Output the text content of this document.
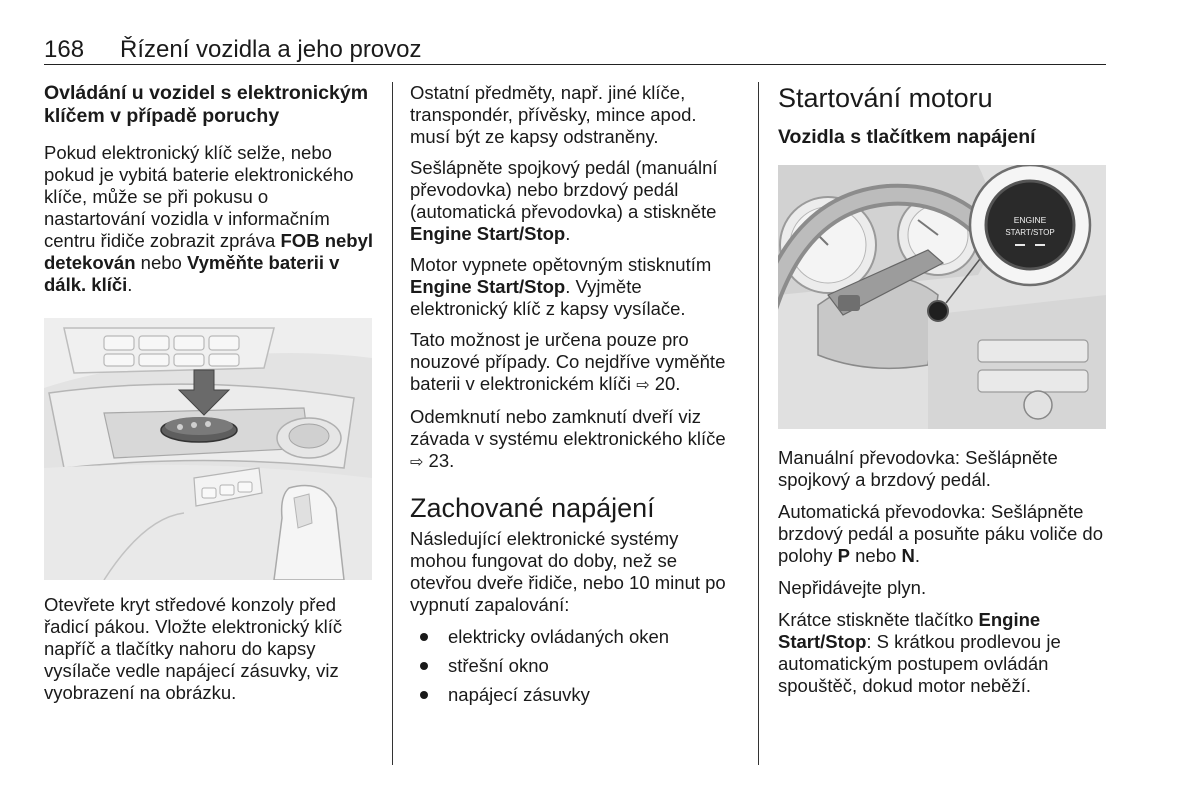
168 Řízení vozidla a jeho provoz
Ovládání u vozidel s elektronickým klíčem v případě poruchy

Pokud elektronický klíč selže, nebo pokud je vybitá baterie elektronického klíče, může se při pokusu o nastartování vozidla v informačním centru řidiče zobrazit zpráva FOB nebyl detekován nebo Vyměňte baterii v dálk. klíči.

Otevřete kryt středové konzoly před řadicí pákou. Vložte elektronický klíč napříč a tlačítky nahoru do kapsy vysílače vedle napájecí zásuvky, viz vyobrazení na obrázku.

Ostatní předměty, např. jiné klíče, transpondér, přívěsky, mince apod. musí být ze kapsy odstraněny.

Sešlápněte spojkový pedál (manuální převodovka) nebo brzdový pedál (automatická převodovka) a stiskněte Engine Start/Stop.

Motor vypnete opětovným stisknutím Engine Start/Stop. Vyjměte elektronický klíč z kapsy vysílače.

Tato možnost je určena pouze pro nouzové případy. Co nejdříve vyměňte baterii v elektronickém klíči ⇨ 20.

Odemknutí nebo zamknutí dveří viz závada v systému elektronického klíče ⇨ 23.

Zachované napájení

Následující elektronické systémy mohou fungovat do doby, než se otevřou dveře řidiče, nebo 10 minut po vypnutí zapalování:

elektricky ovládaných oken
střešní okno
napájecí zásuvky
Startování motoru
Vozidla s tlačítkem napájení
ENGINE
START/STOP

Manuální převodovka: Sešlápněte spojkový a brzdový pedál.

Automatická převodovka: Sešlápněte brzdový pedál a posuňte páku voliče do polohy P nebo N.

Nepřidávejte plyn.

Krátce stiskněte tlačítko Engine Start/Stop: S krátkou prodlevou je automatickým postupem ovládán spouštěč, dokud motor neběží.
